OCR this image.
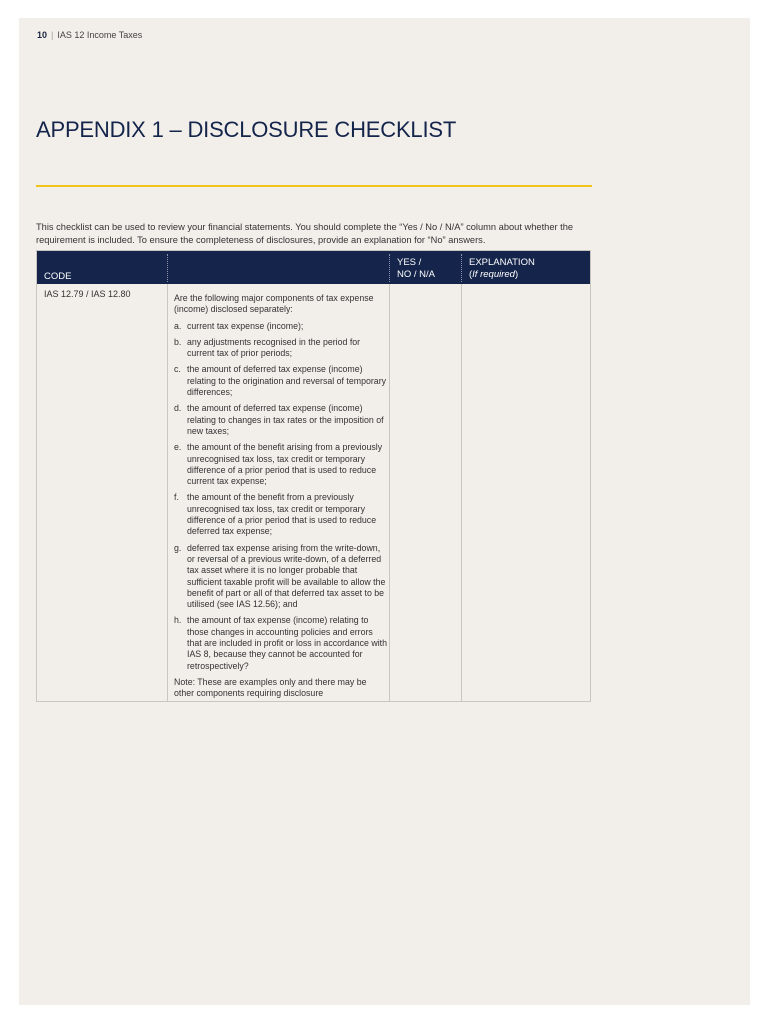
10 | IAS 12 Income Taxes
APPENDIX 1 – DISCLOSURE CHECKLIST

This checklist can be used to review your financial statements. You should complete the “Yes / No / N/A” column about whether the requirement is included. To ensure the completeness of disclosures, provide an explanation for “No” answers.

CODE
YES /
NO / N/A
EXPLANATION
(If required)
IAS 12.79 / IAS 12.80	Are the following major components of tax expense (income) disclosed separately:

a. current tax expense (income);
b. any adjustments recognised in the period for current tax of prior periods;
c. the amount of deferred tax expense (income) relating to the origination and reversal of temporary differences;
d. the amount of deferred tax expense (income) relating to changes in tax rates or the imposition of new taxes;
e. the amount of the benefit arising from a previously unrecognised tax loss, tax credit or temporary difference of a prior period that is used to reduce current tax expense;
f. the amount of the benefit from a previously unrecognised tax loss, tax credit or temporary difference of a prior period that is used to reduce deferred tax expense;
g. deferred tax expense arising from the write-down, or reversal of a previous write-down, of a deferred tax asset where it is no longer probable that sufficient taxable profit will be available to allow the benefit of part or all of that deferred tax asset to be utilised (see IAS 12.56); and
h. the amount of tax expense (income) relating to those changes in accounting policies and errors that are included in profit or loss in accordance with IAS 8, because they cannot be accounted for retrospectively?

Note: These are examples only and there may be other components requiring disclosure
